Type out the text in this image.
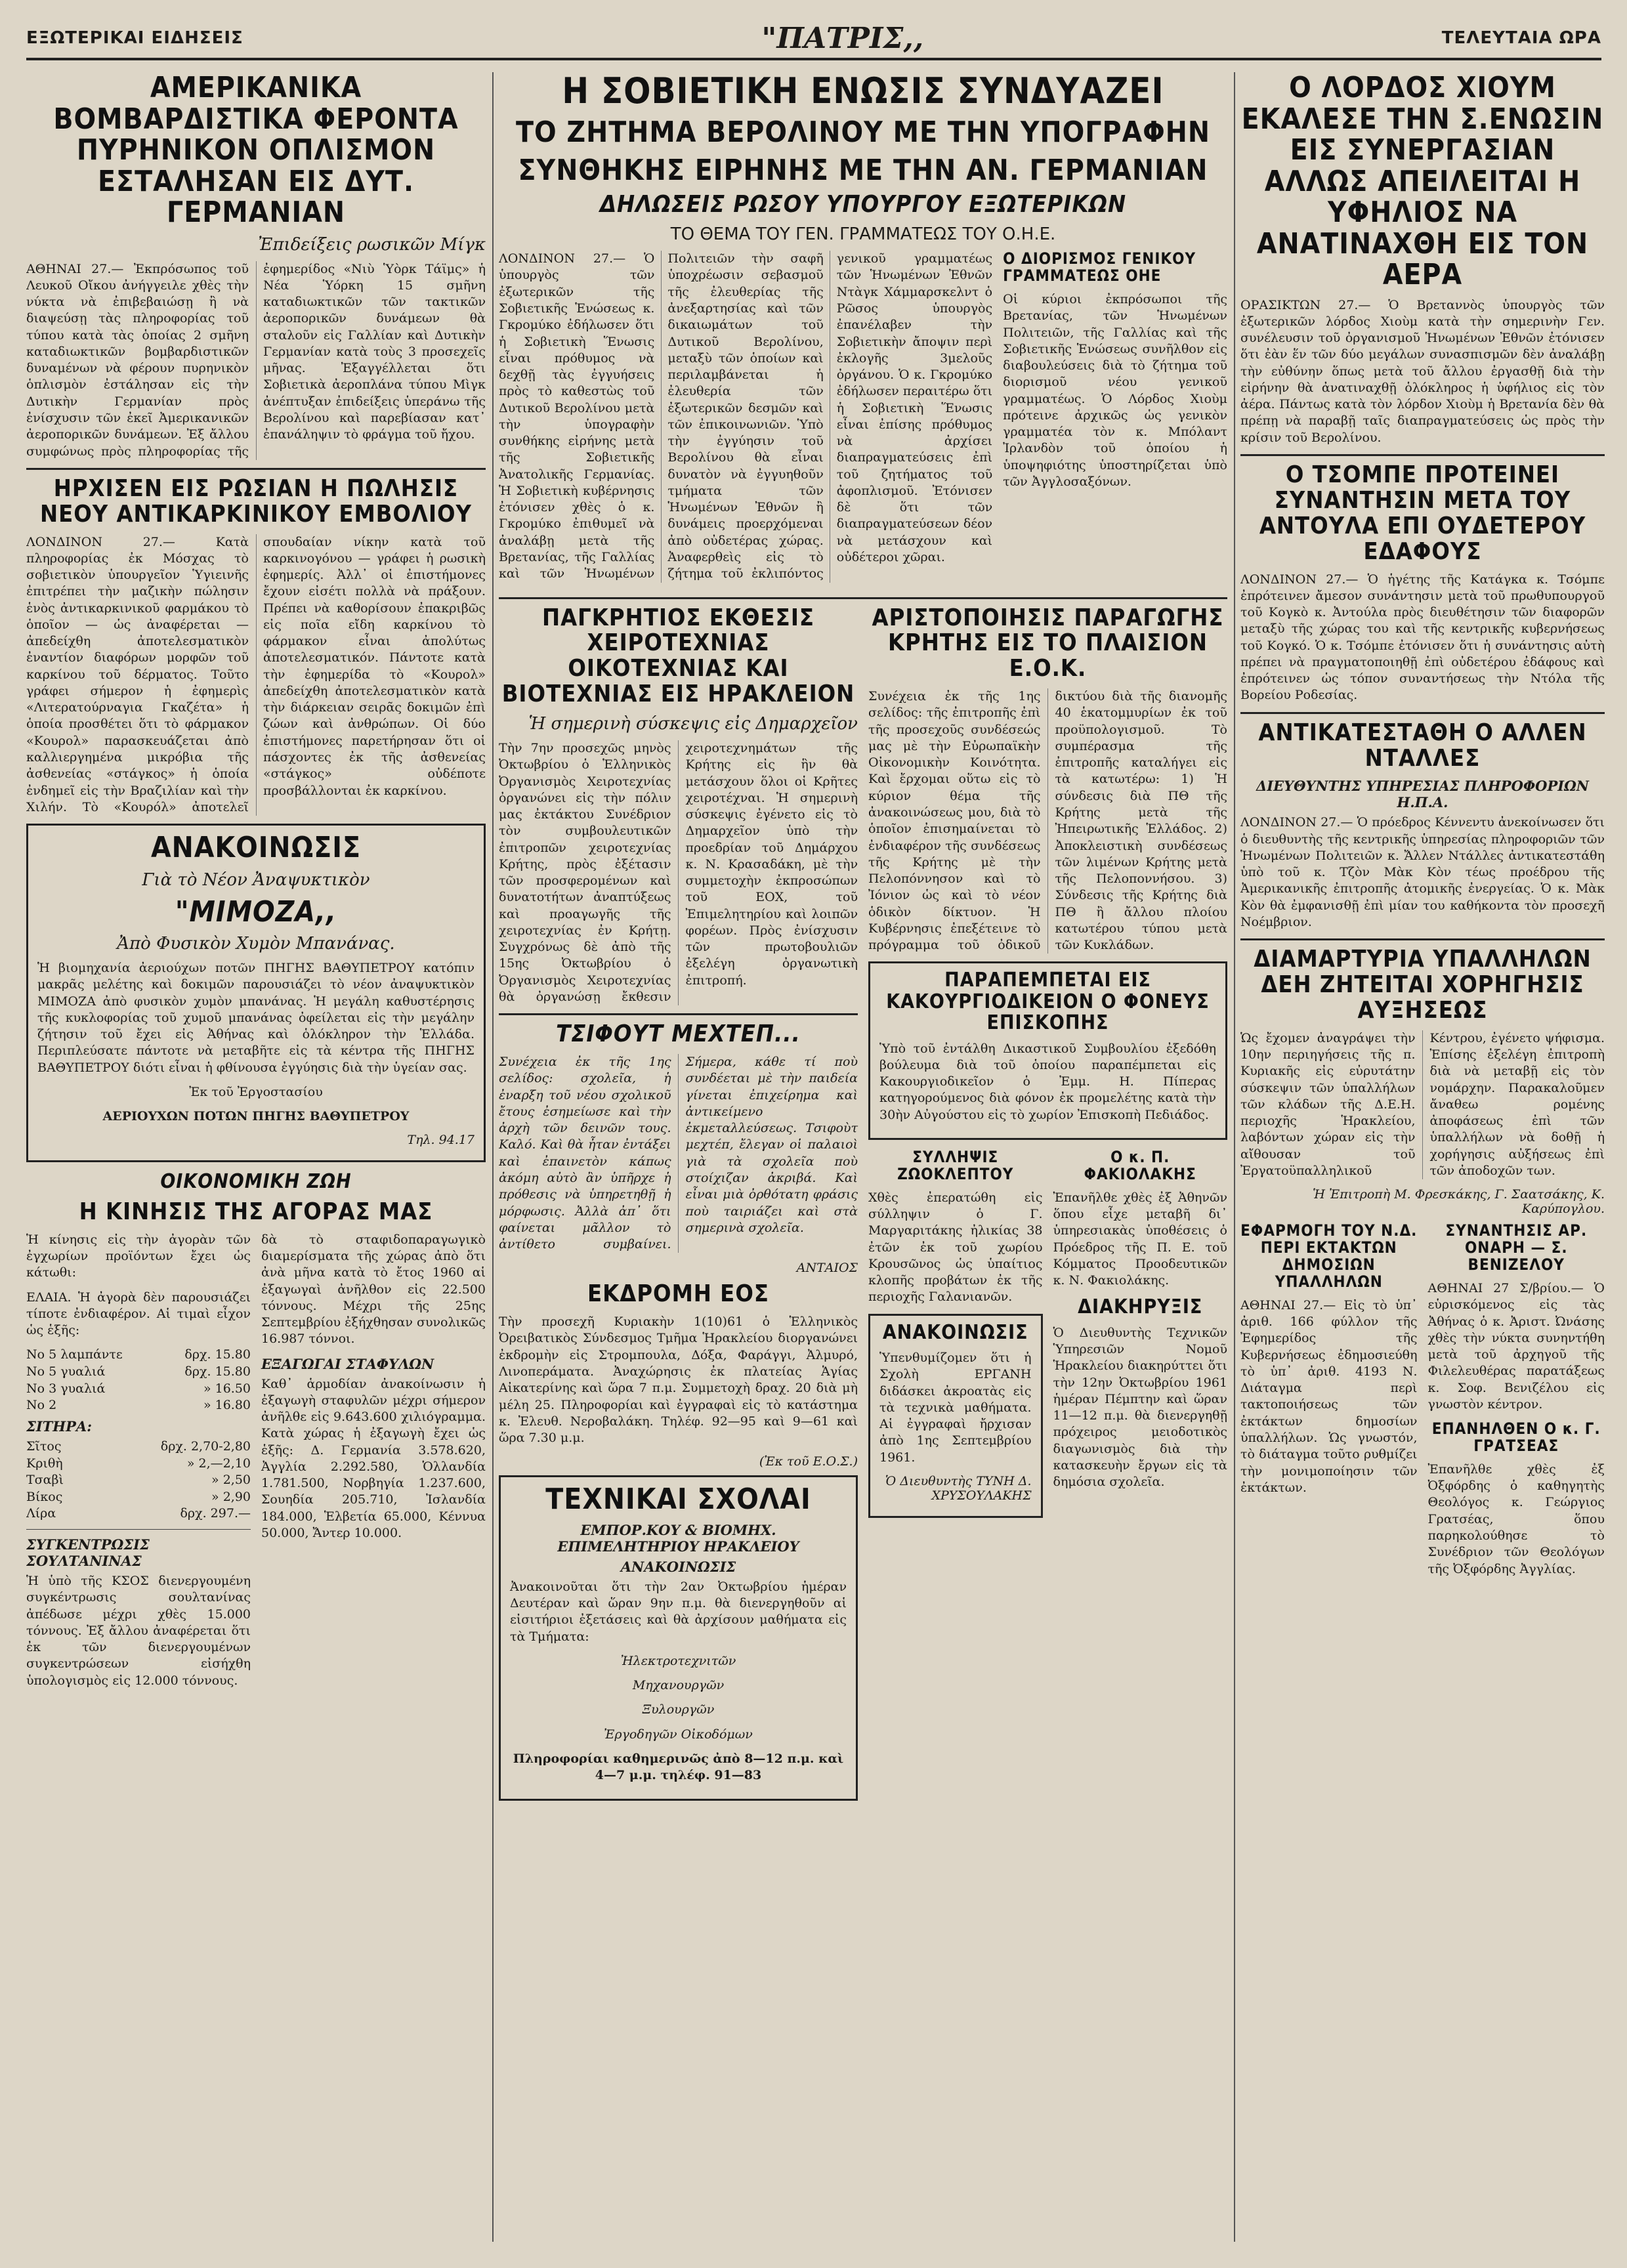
ΕΞΩΤΕΡΙΚΑΙ ΕΙΔΗΣΕΙΣ	"ΠΑΤΡΙΣ,,	ΤΕΛΕΥΤΑΙΑ ΩΡΑ
ΑΜΕΡΙΚΑΝΙΚΑ ΒΟΜΒΑΡΔΙΣΤΙΚΑ ΦΕΡΟΝΤΑ ΠΥΡΗΝΙΚΟΝ ΟΠΛΙΣΜΟΝ ΕΣΤΑΛΗΣΑΝ ΕΙΣ ΔΥΤ. ΓΕΡΜΑΝΙΑΝ
Ἐπιδείξεις ρωσικῶν Μίγκ

ΑΘΗΝΑΙ 27.— Ἐκπρόσωπος τοῦ Λευκοῦ Οἴκου ἀνήγγειλε χθὲς τὴν νύκτα νὰ ἐπιβεβαιώσῃ ἢ νὰ διαψεύσῃ τὰς πληροφορίας τοῦ τύπου κατὰ τὰς ὁποίας 2 σμῆνη καταδιωκτικῶν βομβαρδιστικῶν δυναμένων νὰ φέρουν πυρηνικὸν ὁπλισμὸν ἐστάλησαν εἰς τὴν Δυτικὴν Γερμανίαν πρὸς ἐνίσχυσιν τῶν ἐκεῖ Ἀμερικανικῶν ἀεροπορικῶν δυνάμεων. Ἐξ ἄλλου συμφώνως πρὸς πληροφορίας τῆς ἐφημερίδος «Νιὺ Ὑὸρκ Τάϊμς» ἡ Νέα Ὑόρκη 15 σμῆνη καταδιωκτικῶν τῶν τακτικῶν ἀεροπορικῶν δυνάμεων θὰ σταλοῦν εἰς Γαλλίαν καὶ Δυτικὴν Γερμανίαν κατὰ τοὺς 3 προσεχεῖς μῆνας. Ἐξαγγέλλεται ὅτι Σοβιετικὰ ἀεροπλάνα τύπου Μὶγκ ἀνέπτυξαν ἐπιδείξεις ὑπεράνω τῆς Βερολίνου καὶ παρεβίασαν κατ᾽ ἐπανάληψιν τὸ φράγμα τοῦ ἤχου.

ΗΡΧΙΣΕΝ ΕΙΣ ΡΩΣΙΑΝ Η ΠΩΛΗΣΙΣ ΝΕΟΥ ΑΝΤΙΚΑΡΚΙΝΙΚΟΥ ΕΜΒΟΛΙΟΥ

ΛΟΝΔΙΝΟΝ 27.— Κατὰ πληροφορίας ἐκ Μόσχας τὸ σοβιετικὸν ὑπουργεῖον Ὑγιεινῆς ἐπιτρέπει τὴν μαζικὴν πώλησιν ἑνὸς ἀντικαρκινικοῦ φαρμάκου τὸ ὁποῖον — ὡς ἀναφέρεται — ἀπεδείχθη ἀποτελεσματικὸν ἐναντίον διαφόρων μορφῶν τοῦ καρκίνου τοῦ δέρματος. Τοῦτο γράφει σήμερον ἡ ἐφημερὶς «Λιτερατούρναγια Γκαζέτα» ἡ ὁποία προσθέτει ὅτι τὸ φάρμακον «Κουρολ» παρασκευάζεται ἀπὸ καλλιεργημένα μικρόβια τῆς ἀσθενείας «στάγκος» ἡ ὁποία ἐνδημεῖ εἰς τὴν Βραζιλίαν καὶ τὴν Χιλήν. Τὸ «Κουρόλ» ἀποτελεῖ σπουδαίαν νίκην κατὰ τοῦ καρκινογόνου — γράφει ἡ ρωσικὴ ἐφημερίς. Ἀλλ᾽ οἱ ἐπιστήμονες ἔχουν εἰσέτι πολλὰ νὰ πράξουν. Πρέπει νὰ καθορίσουν ἐπακριβῶς εἰς ποῖα εἴδη καρκίνου τὸ φάρμακον εἶναι ἀπολύτως ἀποτελεσματικόν. Πάντοτε κατὰ τὴν ἐφημερίδα τὸ «Κουρολ» ἀπεδείχθη ἀποτελεσματικὸν κατὰ τὴν διάρκειαν σειρᾶς δοκιμῶν ἐπὶ ζώων καὶ ἀνθρώπων. Οἱ δύο ἐπιστήμονες παρετήρησαν ὅτι οἱ πάσχοντες ἐκ τῆς ἀσθενείας «στάγκος» οὐδέποτε προσβάλλονται ἐκ καρκίνου.

ΑΝΑΚΟΙΝΩΣΙΣ
Γιὰ τὸ Νέον Ἀναψυκτικὸν
"ΜΙΜΟΖΑ,,
Ἀπὸ Φυσικὸν Χυμὸν Μπανάνας.

Ἡ βιομηχανία ἀεριούχων ποτῶν ΠΗΓΗΣ ΒΑΘΥΠΕΤΡΟΥ κατόπιν μακρᾶς μελέτης καὶ δοκιμῶν παρουσιάζει τὸ νέον ἀναψυκτικὸν ΜΙΜΟΖΑ ἀπὸ φυσικὸν χυμὸν μπανάνας. Ἡ μεγάλη καθυστέρησις τῆς κυκλοφορίας τοῦ χυμοῦ μπανάνας ὀφείλεται εἰς τὴν μεγάλην ζήτησιν τοῦ ἔχει εἰς Ἀθήνας καὶ ὁλόκληρον τὴν Ἑλλάδα. Περιπλεύσατε πάντοτε νὰ μεταβῆτε εἰς τὰ κέντρα τῆς ΠΗΓΗΣ ΒΑΘΥΠΕΤΡΟΥ διότι εἶναι ἡ φθίνουσα ἐγγύησις διὰ τὴν ὑγείαν σας.

Ἐκ τοῦ Ἐργοστασίου
ΑΕΡΙΟΥΧΩΝ ΠΟΤΩΝ ΠΗΓΗΣ ΒΑΘΥΠΕΤΡΟΥ
Τηλ. 94.17
ΟΙΚΟΝΟΜΙΚΗ ΖΩΗ
Η ΚΙΝΗΣΙΣ ΤΗΣ ΑΓΟΡΑΣ ΜΑΣ

Ἡ κίνησις εἰς τὴν ἀγορὰν τῶν ἐγχωρίων προϊόντων ἔχει ὡς κάτωθι:

ΕΛΑΙΑ. Ἡ ἀγορὰ δὲν παρουσιάζει τίποτε ἐνδιαφέρον. Αἱ τιμαὶ εἶχον ὡς ἑξῆς:

Νο 5 λαμπάντε	δρχ. 15.80
Νο 5 γυαλιά	δρχ. 15.80
Νο 3 γυαλιά	» 16.50
Νο 2	» 16.80
ΣΙΤΗΡΑ:
Σῖτος	δρχ. 2,70-2,80
Κριθὴ	» 2,—2,10
Τσαβὶ	» 2,50
Βίκος	» 2,90
Λίρα	δρχ. 297.—
ΣΥΓΚΕΝΤΡΩΣΙΣ ΣΟΥΛΤΑΝΙΝΑΣ

Ἡ ὑπὸ τῆς ΚΣΟΣ διενεργουμένη συγκέντρωσις σουλτανίνας ἀπέδωσε μέχρι χθὲς 15.000 τόννους. Ἐξ ἄλλου ἀναφέρεται ὅτι ἐκ τῶν διενεργουμένων συγκεντρώσεων εἰσήχθη ὑπολογισμὸς εἰς 12.000 τόννους.

δὰ τὸ σταφιδοπαραγωγικὸ διαμερίσματα τῆς χώρας ἀπὸ ὅτι ἀνὰ μῆνα κατὰ τὸ ἔτος 1960 αἱ ἐξαγωγαὶ ἀνῆλθον εἰς 22.500 τόννους. Μέχρι τῆς 25ης Σεπτεμβρίου ἐξήχθησαν συνολικῶς 16.987 τόννοι.

ΕΞΑΓΩΓΑΙ ΣΤΑΦΥΛΩΝ

Καθ᾽ ἁρμοδίαν ἀνακοίνωσιν ἡ ἐξαγωγὴ σταφυλῶν μέχρι σήμερον ἀνῆλθε εἰς 9.643.600 χιλιόγραμμα. Κατὰ χώρας ἡ ἐξαγωγὴ ἔχει ὡς ἑξῆς: Δ. Γερμανία 3.578.620, Ἀγγλία 2.292.580, Ὁλλανδία 1.781.500, Νορβηγία 1.237.600, Σουηδία 205.710, Ἰσλανδία 184.000, Ἑλβετία 65.000, Κέννυα 50.000, Ἄντερ 10.000.

Η ΣΟΒΙΕΤΙΚΗ ΕΝΩΣΙΣ ΣΥΝΔΥΑΖΕΙ
ΤΟ ΖΗΤΗΜΑ ΒΕΡΟΛΙΝΟΥ ΜΕ ΤΗΝ ΥΠΟΓΡΑΦΗΝ
ΣΥΝΘΗΚΗΣ ΕΙΡΗΝΗΣ ΜΕ ΤΗΝ ΑΝ. ΓΕΡΜΑΝΙΑΝ
ΔΗΛΩΣΕΙΣ ΡΩΣΟΥ ΥΠΟΥΡΓΟΥ ΕΞΩΤΕΡΙΚΩΝ
ΤΟ ΘΕΜΑ ΤΟΥ ΓΕΝ. ΓΡΑΜΜΑΤΕΩΣ ΤΟΥ Ο.Η.Ε.

ΛΟΝΔΙΝΟΝ 27.— Ὁ ὑπουργὸς τῶν ἐξωτερικῶν τῆς Σοβιετικῆς Ἑνώσεως κ. Γκρομύκο ἐδήλωσεν ὅτι ἡ Σοβιετικὴ Ἕνωσις εἶναι πρόθυμος νὰ δεχθῇ τὰς ἐγγυήσεις πρὸς τὸ καθεστὼς τοῦ Δυτικοῦ Βερολίνου μετὰ τὴν ὑπογραφὴν συνθήκης εἰρήνης μετὰ τῆς Σοβιετικῆς Ἀνατολικῆς Γερμανίας. Ἡ Σοβιετικὴ κυβέρνησις ἐτόνισεν χθὲς ὁ κ. Γκρομύκο ἐπιθυμεῖ νὰ ἀναλάβῃ μετὰ τῆς Βρετανίας, τῆς Γαλλίας καὶ τῶν Ἡνωμένων Πολιτειῶν τὴν σαφῆ ὑποχρέωσιν σεβασμοῦ τῆς ἐλευθερίας τῆς ἀνεξαρτησίας καὶ τῶν δικαιωμάτων τοῦ Δυτικοῦ Βερολίνου, μεταξὺ τῶν ὁποίων καὶ περιλαμβάνεται ἡ ἐλευθερία τῶν ἐξωτερικῶν δεσμῶν καὶ τῶν ἐπικοινωνιῶν. Ὑπὸ τὴν ἐγγύησιν τοῦ Βερολίνου θὰ εἶναι δυνατὸν νὰ ἐγγυηθοῦν τμήματα τῶν Ἡνωμένων Ἐθνῶν ἢ δυνάμεις προερχόμεναι ἀπὸ οὐδετέρας χώρας. Ἀναφερθεὶς εἰς τὸ ζήτημα τοῦ ἐκλιπόντος γενικοῦ γραμματέως τῶν Ἡνωμένων Ἐθνῶν Ντὰγκ Χάμμαρσκελντ ὁ Ρῶσος ὑπουργὸς ἐπανέλαβεν τὴν Σοβιετικὴν ἄποψιν περὶ ἐκλογῆς 3μελοῦς ὀργάνου. Ὁ κ. Γκρομύκο ἐδήλωσεν περαιτέρω ὅτι ἡ Σοβιετικὴ Ἕνωσις εἶναι ἐπίσης πρόθυμος νὰ ἀρχίσει διαπραγματεύσεις ἐπὶ τοῦ ζητήματος τοῦ ἀφοπλισμοῦ. Ἐτόνισεν δὲ ὅτι τῶν διαπραγματεύσεων δέον νὰ μετάσχουν καὶ οὐδέτεροι χῶραι.

Ο ΔΙΟΡΙΣΜΟΣ ΓΕΝΙΚΟΥ ΓΡΑΜΜΑΤΕΩΣ ΟΗΕ

Οἱ κύριοι ἐκπρόσωποι τῆς Βρετανίας, τῶν Ἡνωμένων Πολιτειῶν, τῆς Γαλλίας καὶ τῆς Σοβιετικῆς Ἑνώσεως συνῆλθον εἰς διαβουλεύσεις διὰ τὸ ζήτημα τοῦ διορισμοῦ νέου γενικοῦ γραμματέως. Ὁ Λόρδος Χιοὺμ πρότεινε ἀρχικῶς ὡς γενικὸν γραμματέα τὸν κ. Μπόλαντ Ἰρλανδὸν τοῦ ὁποίου ἡ ὑποψηφιότης ὑποστηρίζεται ὑπὸ τῶν Ἀγγλοσαξόνων.

ΠΑΓΚΡΗΤΙΟΣ ΕΚΘΕΣΙΣ ΧΕΙΡΟΤΕΧΝΙΑΣ ΟΙΚΟΤΕΧΝΙΑΣ ΚΑΙ ΒΙΟΤΕΧΝΙΑΣ ΕΙΣ ΗΡΑΚΛΕΙΟΝ
Ἡ σημερινὴ σύσκεψις εἰς Δημαρχεῖον

Τὴν 7ην προσεχῶς μηνὸς Ὀκτωβρίου ὁ Ἑλληνικὸς Ὀργανισμὸς Χειροτεχνίας ὀργανώνει εἰς τὴν πόλιν μας ἐκτάκτου Συνέδριον τὸν συμβουλευτικῶν ἐπιτροπῶν χειροτεχνίας Κρήτης, πρὸς ἐξέτασιν τῶν προσφερομένων καὶ δυνατοτήτων ἀναπτύξεως καὶ προαγωγῆς τῆς χειροτεχνίας ἐν Κρήτῃ. Συγχρόνως δὲ ἀπὸ τῆς 15ης Ὀκτωβρίου ὁ Ὀργανισμὸς Χειροτεχνίας θὰ ὀργανώσῃ ἔκθεσιν χειροτεχνημάτων τῆς Κρήτης εἰς ἣν θὰ μετάσχουν ὅλοι οἱ Κρῆτες χειροτέχναι. Ἡ σημερινὴ σύσκεψις ἐγένετο εἰς τὸ Δημαρχεῖον ὑπὸ τὴν προεδρίαν τοῦ Δημάρχου κ. Ν. Κρασαδάκη, μὲ τὴν συμμετοχὴν ἐκπροσώπων τοῦ ΕΟΧ, τοῦ Ἐπιμελητηρίου καὶ λοιπῶν φορέων. Πρὸς ἐνίσχυσιν τῶν πρωτοβουλιῶν ἐξελέγη ὀργανωτικὴ ἐπιτροπή.

ΤΣΙΦΟΥΤ ΜΕΧΤΕΠ...

Συνέχεια ἐκ τῆς 1ης σελίδος: σχολεῖα, ἡ ἐναρξη τοῦ νέου σχολικοῦ ἔτους ἐσημείωσε καὶ τὴν ἀρχὴ τῶν δεινῶν τους. Καλό. Καὶ θὰ ἦταν ἐντάξει καὶ ἐπαινετὸν κάπως ἀκόμη αὐτὸ ἂν ὑπῆρχε ἡ πρόθεσις νὰ ὑπηρετηθῇ ἡ μόρφωσις. Ἀλλὰ ἀπ᾽ ὅτι φαίνεται μᾶλλον τὸ ἀντίθετο συμβαίνει. Σήμερα, κάθε τί ποὺ συνδέεται μὲ τὴν παιδεία γίνεται ἐπιχείρημα καὶ ἀντικείμενο ἐκμεταλλεύσεως. Τσιφοὺτ μεχτέπ, ἔλεγαν οἱ παλαιοὶ γιὰ τὰ σχολεῖα ποὺ στοίχιζαν ἀκριβά. Καὶ εἶναι μιὰ ὀρθότατη φράσις ποὺ ταιριάζει καὶ στὰ σημερινὰ σχολεῖα.

ΑΝΤΑΙΟΣ
ΕΚΔΡΟΜΗ ΕΟΣ

Τὴν προσεχῆ Κυριακὴν 1(10)61 ὁ Ἑλληνικὸς Ὀρειβατικὸς Σύνδεσμος Τμῆμα Ἡρακλείου διοργανώνει ἐκδρομὴν εἰς Στρομπουλα, Δόξα, Φαράγγι, Ἀλμυρό, Λινοπεράματα. Ἀναχώρησις ἐκ πλατείας Ἁγίας Αἰκατερίνης καὶ ὥρα 7 π.μ. Συμμετοχὴ δραχ. 20 διὰ μὴ μέλη 25. Πληροφορίαι καὶ ἐγγραφαὶ εἰς τὸ κατάστημα κ. Ἐλευθ. Νεροβαλάκη. Τηλέφ. 92—95 καὶ 9—61 καὶ ὥρα 7.30 μ.μ.

(Ἐκ τοῦ Ε.Ο.Σ.)
ΤΕΧΝΙΚΑΙ ΣΧΟΛΑΙ
ΕΜΠΟΡ.ΚΟΥ & ΒΙΟΜΗΧ. ΕΠΙΜΕΛΗΤΗΡΙΟΥ ΗΡΑΚΛΕΙΟΥ
ΑΝΑΚΟΙΝΩΣΙΣ

Ἀνακοινοῦται ὅτι τὴν 2αν Ὀκτωβρίου ἡμέραν Δευτέραν καὶ ὥραν 9ην π.μ. θὰ διενεργηθοῦν αἱ εἰσιτήριοι ἐξετάσεις καὶ θὰ ἀρχίσουν μαθήματα εἰς τὰ Τμήματα:

Ἠλεκτροτεχνιτῶν
Μηχανουργῶν
Ξυλουργῶν
Ἐργοδηγῶν Οἰκοδόμων

Πληροφορίαι καθημερινῶς ἀπὸ 8—12 π.μ. καὶ 4—7 μ.μ. τηλέφ. 91—83

ΑΡΙΣΤΟΠΟΙΗΣΙΣ ΠΑΡΑΓΩΓΗΣ ΚΡΗΤΗΣ ΕΙΣ ΤΟ ΠΛΑΙΣΙΟΝ Ε.Ο.Κ.

Συνέχεια ἐκ τῆς 1ης σελίδος: τῆς ἐπιτροπῆς ἐπὶ τῆς προσεχοῦς συνδέσεώς μας μὲ τὴν Εὐρωπαϊκὴν Οἰκονομικὴν Κοινότητα. Καὶ ἔρχομαι οὕτω εἰς τὸ κύριον θέμα τῆς ἀνακοινώσεως μου, διὰ τὸ ὁποῖον ἐπισημαίνεται τὸ ἐνδιαφέρον τῆς συνδέσεως τῆς Κρήτης μὲ τὴν Πελοπόννησον καὶ τὸ Ἰόνιον ὡς καὶ τὸ νέον ὁδικὸν δίκτυον. Ἡ Κυβέρνησις ἐπεξέτεινε τὸ πρόγραμμα τοῦ ὀδικοῦ δικτύου διὰ τῆς διανομῆς 40 ἑκατομμυρίων ἐκ τοῦ προϋπολογισμοῦ. Τὸ συμπέρασμα τῆς ἐπιτροπῆς καταλήγει εἰς τὰ κατωτέρω: 1) Ἡ σύνδεσις διὰ ΠΘ τῆς Κρήτης μετὰ τῆς Ἠπειρωτικῆς Ἑλλάδος. 2) Ἀποκλειστικὴ συνδέσεως τῶν λιμένων Κρήτης μετὰ τῆς Πελοποννήσου. 3) Σύνδεσις τῆς Κρήτης διὰ ΠΘ ἢ ἄλλου πλοίου κατωτέρου τύπου μετὰ τῶν Κυκλάδων.

ΠΑΡΑΠΕΜΠΕΤΑΙ ΕΙΣ ΚΑΚΟΥΡΓΙΟΔΙΚΕΙΟΝ Ο ΦΟΝΕΥΣ ΕΠΙΣΚΟΠΗΣ

Ὑπὸ τοῦ ἐντάλθη Δικαστικοῦ Συμβουλίου ἐξεδόθη βούλευμα διὰ τοῦ ὁποίου παραπέμπεται εἰς Κακουργιοδικεῖον ὁ Ἐμμ. Η. Πίπερας κατηγορούμενος διὰ φόνον ἐκ προμελέτης κατὰ τὴν 30ὴν Αὐγούστου εἰς τὸ χωρίον Ἐπισκοπὴ Πεδιάδος.

ΣΥΛΛΗΨΙΣ ΖΩΟΚΛΕΠΤΟΥ

Χθὲς ἐπερατώθη εἰς σύλληψιν ὁ Γ. Μαργαριτάκης ἠλικίας 38 ἐτῶν ἐκ τοῦ χωρίου Κρουσῶνος ὡς ὑπαίτιος κλοπῆς προβάτων ἐκ τῆς περιοχῆς Γαλανιανῶν.

ΑΝΑΚΟΙΝΩΣΙΣ

Ὑπενθυμίζομεν ὅτι ἡ Σχολὴ ΕΡΓΑΝΗ διδάσκει ἀκροατὰς εἰς τὰ τεχνικὰ μαθήματα. Αἱ ἐγγραφαὶ ἤρχισαν ἀπὸ 1ης Σεπτεμβρίου 1961.

Ὁ Διευθυντὴς ΤΥΝΗ Δ. ΧΡΥΣΟΥΛΑΚΗΣ
Ο κ. Π. ΦΑΚΙΟΛΑΚΗΣ

Ἐπανῆλθε χθὲς ἐξ Ἀθηνῶν ὅπου εἶχε μεταβῆ δι᾽ ὑπηρεσιακὰς ὑποθέσεις ὁ Πρόεδρος τῆς Π. Ε. τοῦ Κόμματος Προοδευτικῶν κ. Ν. Φακιολάκης.

ΔΙΑΚΗΡΥΞΙΣ

Ὁ Διευθυντὴς Τεχνικῶν Ὑπηρεσιῶν Νομοῦ Ἡρακλείου διακηρύττει ὅτι τὴν 12ην Ὀκτωβρίου 1961 ἡμέραν Πέμπτην καὶ ὥραν 11—12 π.μ. θὰ διενεργηθῇ πρόχειρος μειοδοτικὸς διαγωνισμὸς διὰ τὴν κατασκευὴν ἔργων εἰς τὰ δημόσια σχολεῖα.

Ο ΛΟΡΔΟΣ ΧΙΟΥΜ ΕΚΑΛΕΣΕ ΤΗΝ Σ.ΕΝΩΣΙΝ ΕΙΣ ΣΥΝΕΡΓΑΣΙΑΝ ΑΛΛΩΣ ΑΠΕΙΛΕΙΤΑΙ Η ΥΦΗΛΙΟΣ ΝΑ ΑΝΑΤΙΝΑΧΘΗ ΕΙΣ ΤΟΝ ΑΕΡΑ

ΟΡΑΣΙΚΤΩΝ 27.— Ὁ Βρεταννὸς ὑπουργὸς τῶν ἐξωτερικῶν λόρδος Χιοὺμ κατὰ τὴν σημερινὴν Γεν. συνέλευσιν τοῦ ὀργανισμοῦ Ἡνωμένων Ἐθνῶν ἐτόνισεν ὅτι ἐὰν ἕν τῶν δύο μεγάλων συνασπισμῶν δὲν ἀναλάβῃ τὴν εὐθύνην ὅπως μετὰ τοῦ ἄλλου ἐργασθῇ διὰ τὴν εἰρήνην θὰ ἀνατιναχθῇ ὁλόκληρος ἡ ὑφήλιος εἰς τὸν ἀέρα. Πάντως κατὰ τὸν λόρδον Χιοὺμ ἡ Βρετανία δὲν θὰ πρέπῃ νὰ παραβῇ ταῖς διαπραγματεύσεις ὡς πρὸς τὴν κρίσιν τοῦ Βερολίνου.

Ο ΤΣΟΜΠΕ ΠΡΟΤΕΙΝΕΙ ΣΥΝΑΝΤΗΣΙΝ ΜΕΤΑ ΤΟΥ ΑΝΤΟΥΛΑ ΕΠΙ ΟΥΔΕΤΕΡΟΥ ΕΔΑΦΟΥΣ

ΛΟΝΔΙΝΟΝ 27.— Ὁ ἡγέτης τῆς Κατάγκα κ. Τσόμπε ἐπρότεινεν ἄμεσον συνάντησιν μετὰ τοῦ πρωθυπουργοῦ τοῦ Κογκὸ κ. Ἀντούλα πρὸς διευθέτησιν τῶν διαφορῶν μεταξὺ τῆς χώρας του καὶ τῆς κεντρικῆς κυβερνήσεως τοῦ Κογκό. Ὁ κ. Τσόμπε ἐτόνισεν ὅτι ἡ συνάντησις αὐτὴ πρέπει νὰ πραγματοποιηθῇ ἐπὶ οὐδετέρου ἐδάφους καὶ ἐπρότεινεν ὡς τόπον συναντήσεως τὴν Ντόλα τῆς Βορείου Ροδεσίας.

ΑΝΤΙΚΑΤΕΣΤΑΘΗ Ο ΑΛΛΕΝ ΝΤΑΛΛΕΣ
ΔΙΕΥΘΥΝΤΗΣ ΥΠΗΡΕΣΙΑΣ ΠΛΗΡΟΦΟΡΙΩΝ Η.Π.Α.

ΛΟΝΔΙΝΟΝ 27.— Ὁ πρόεδρος Κέννεντυ ἀνεκοίνωσεν ὅτι ὁ διευθυντὴς τῆς κεντρικῆς ὑπηρεσίας πληροφοριῶν τῶν Ἡνωμένων Πολιτειῶν κ. Ἄλλεν Ντάλλες ἀντικατεστάθη ὑπὸ τοῦ κ. Τζὸν Μὰκ Κὸν τέως προέδρου τῆς Ἀμερικανικῆς ἐπιτροπῆς ἀτομικῆς ἐνεργείας. Ὁ κ. Μὰκ Κὸν θὰ ἐμφανισθῇ ἐπὶ μίαν του καθήκοντα τὸν προσεχῆ Νοέμβριον.

ΔΙΑΜΑΡΤΥΡΙΑ ΥΠΑΛΛΗΛΩΝ ΔΕΗ ΖΗΤΕΙΤΑΙ ΧΟΡΗΓΗΣΙΣ ΑΥΞΗΣΕΩΣ

Ὡς ἔχομεν ἀναγράψει τὴν 10ην περιηγήσεις τῆς π. Κυριακῆς εἰς εὐρυτάτην σύσκεψιν τῶν ὑπαλλήλων τῶν κλάδων τῆς Δ.Ε.Η. περιοχῆς Ἡρακλείου, λαβόντων χώραν εἰς τὴν αἴθουσαν τοῦ Ἐργατοϋπαλληλικοῦ Κέντρου, ἐγένετο ψήφισμα. Ἐπίσης ἐξελέγη ἐπιτροπὴ διὰ νὰ μεταβῇ εἰς τὸν νομάρχην. Παρακαλοῦμεν ἄναθεω ρομένης ἀποφάσεως ἐπὶ τῶν ὑπαλλήλων νὰ δοθῇ ἡ χορήγησις αὐξήσεως ἐπὶ τῶν ἀποδοχῶν των.

Ἡ Ἐπιτροπὴ Μ. Φρεσκάκης, Γ. Σαατσάκης, Κ. Καρύπογλου.
ΕΦΑΡΜΟΓΗ ΤΟΥ Ν.Δ. ΠΕΡΙ ΕΚΤΑΚΤΩΝ ΔΗΜΟΣΙΩΝ ΥΠΑΛΛΗΛΩΝ

ΑΘΗΝΑΙ 27.— Εἰς τὸ ὑπ᾽ ἀριθ. 166 φύλλον τῆς Ἐφημερίδος τῆς Κυβερνήσεως ἐδημοσιεύθη τὸ ὑπ᾽ ἀριθ. 4193 Ν. Διάταγμα περὶ τακτοποιήσεως τῶν ἐκτάκτων δημοσίων ὑπαλλήλων. Ὡς γνωστόν, τὸ διάταγμα τοῦτο ρυθμίζει τὴν μονιμοποίησιν τῶν ἐκτάκτων.

ΣΥΝΑΝΤΗΣΙΣ ΑΡ. ΟΝΑΡΗ — Σ. ΒΕΝΙΖΕΛΟΥ

ΑΘΗΝΑΙ 27 Σ/βρίου.— Ὁ εὑρισκόμενος εἰς τὰς Ἀθήνας ὁ κ. Ἀριστ. Ὠνάσης χθὲς τὴν νύκτα συνηντήθη μετὰ τοῦ ἀρχηγοῦ τῆς Φιλελευθέρας παρατάξεως κ. Σοφ. Βενιζέλου εἰς γνωστὸν κέντρον.

ΕΠΑΝΗΛΘΕΝ Ο κ. Γ. ΓΡΑΤΣΕΑΣ

Ἐπανῆλθε χθὲς ἐξ Ὀξφόρδης ὁ καθηγητὴς Θεολόγος κ. Γεώργιος Γρατσέας, ὅπου παρηκολούθησε τὸ Συνέδριον τῶν Θεολόγων τῆς Ὀξφόρδης Ἀγγλίας.
